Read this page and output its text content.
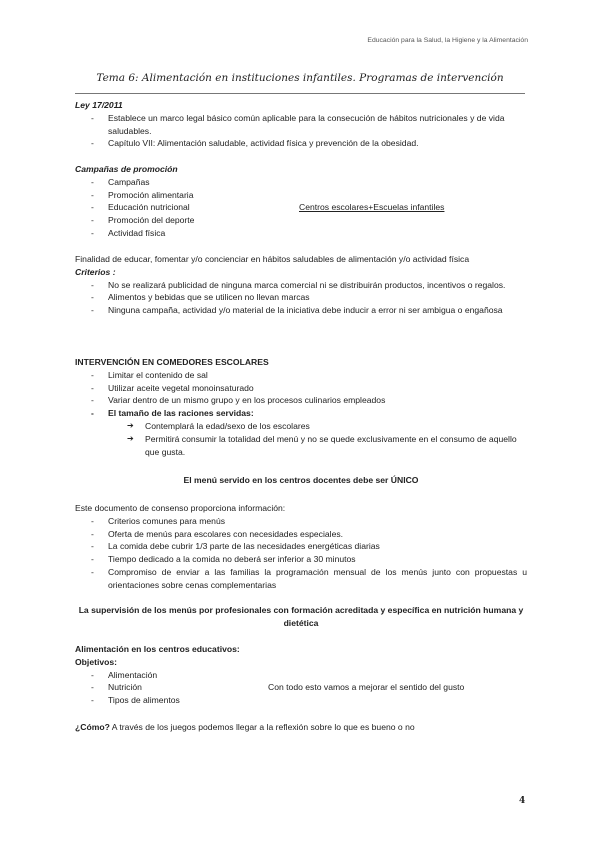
Educación para la Salud, la Higiene y la Alimentación
Tema 6: Alimentación en instituciones infantiles. Programas de intervención
Ley 17/2011
- Establece un marco legal básico común aplicable para la consecución de hábitos nutricionales y de vida saludables.
- Capítulo VII: Alimentación saludable, actividad física y prevención de la obesidad.
Campañas de promoción
- Campañas
- Promoción alimentaria
- Educación nutricional
- Promoción del deporte
- Actividad física
Centros escolares+Escuelas infantiles
Finalidad de educar, fomentar y/o concienciar en hábitos saludables de alimentación y/o actividad física
Criterios :
- No se realizará publicidad de ninguna marca comercial ni se distribuirán productos, incentivos o regalos.
- Alimentos y bebidas que se utilicen no llevan marcas
- Ninguna campaña, actividad y/o material de la iniciativa debe inducir a error ni ser ambigua o engañosa
INTERVENCIÓN EN COMEDORES ESCOLARES
- Limitar el contenido de sal
- Utilizar aceite vegetal monoinsaturado
- Variar dentro de un mismo grupo y en los procesos culinarios empleados
- El tamaño de las raciones servidas:
➔ Contemplará la edad/sexo de los escolares
➔ Permitirá consumir la totalidad del menú y no se quede exclusivamente en el consumo de aquello que gusta.
El menú servido en los centros docentes debe ser ÚNICO
Este documento de consenso proporciona información:
- Criterios comunes para menús
- Oferta de menús para escolares con necesidades especiales.
- La comida debe cubrir 1/3 parte de las necesidades energéticas diarias
- Tiempo dedicado a la comida no deberá ser inferior a 30 minutos
- Compromiso de enviar a las familias la programación mensual de los menús junto con propuestas u orientaciones sobre cenas complementarias
La supervisión de los menús por profesionales con formación acreditada y específica en nutrición humana y dietética
Alimentación en los centros educativos:
Objetivos:
- Alimentación
- Nutrición
- Tipos de alimentos
Con todo esto vamos a mejorar el sentido del gusto
¿Cómo? A través de los juegos podemos llegar a la reflexión sobre lo que es bueno o no
4
